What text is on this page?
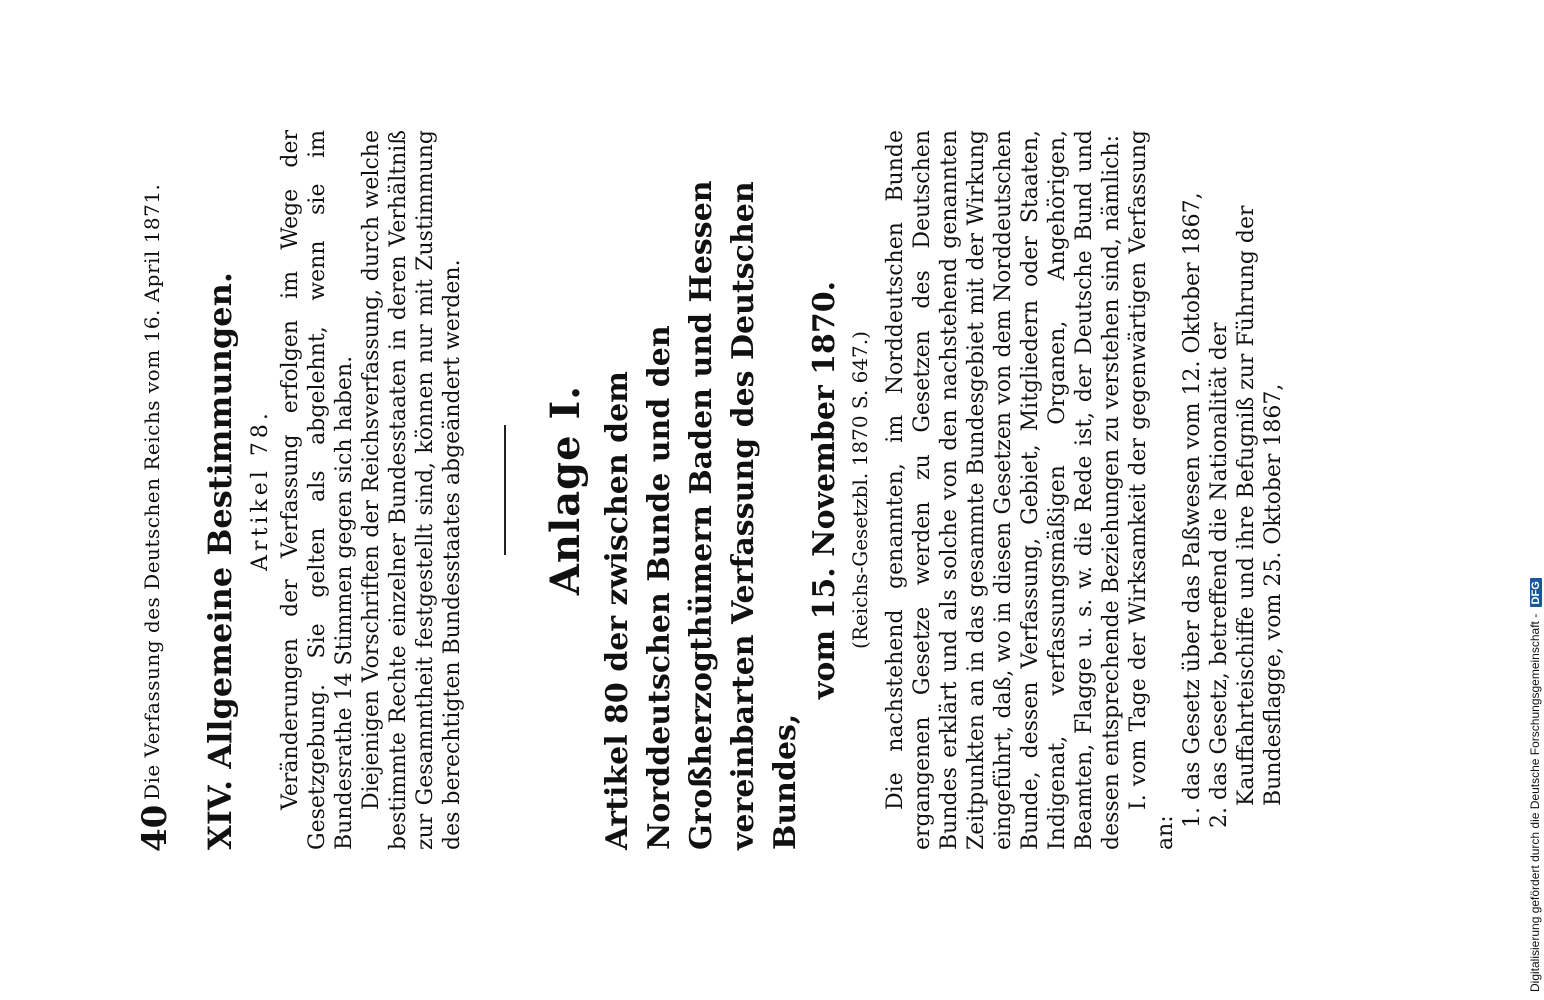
40
Die Verfassung des Deutschen Reichs vom 16. April 1871. XIV. Allgemeine Bestimmungen. Artikel 78. Veränderungen der Verfassung erfolgen im Wege der Gesetzgebung. Sie gelten als abgelehnt, wenn sie im Bundesrathe 14 Stimmen gegen sich haben. Diejenigen Vorschriften der Reichsverfassung, durch welche bestimmte Rechte einzelner Bundesstaaten in deren Verhältniß zur Gesammtheit festgestellt sind, können nur mit Zustimmung des berechtigten Bundesstaates abgeändert werden. Anlage I. Artikel 80 der zwischen dem Norddeutschen Bunde und den Großherzogthümern Baden und Hessen vereinbarten Verfassung des Deutschen Bundes,

vom 15. November 1870. (Reichs-Gesetzbl. 1870 S. 647.) Die nachstehend genannten, im Norddeutschen Bunde ergangenen Gesetze werden zu Gesetzen des Deutschen Bundes erklärt und als solche von den nachstehend genannten Zeitpunkten an in das gesammte Bundesgebiet mit der Wirkung eingeführt, daß, wo in diesen Gesetzen von dem Norddeutschen Bunde, dessen Verfassung, Gebiet, Mitgliedern oder Staaten, Indigenat, verfassungsmäßigen Organen, Angehörigen, Beamten, Flagge u. s. w. die Rede ist, der Deutsche Bund und dessen entsprechende Beziehungen zu verstehen sind, nämlich: I. vom Tage der Wirksamkeit der gegenwärtigen Verfassung an:

1. das Gesetz über das Paßwesen vom 12. Oktober 1867, 2. das Gesetz, betreffend die Nationalität der Kauffahrteischiffe und ihre Befugniß zur Führung der Bundesflagge, vom 25. Oktober 1867,	Digitalisierung gefördert durch die Deutsche Forschungsgemeinschaft - DFG
